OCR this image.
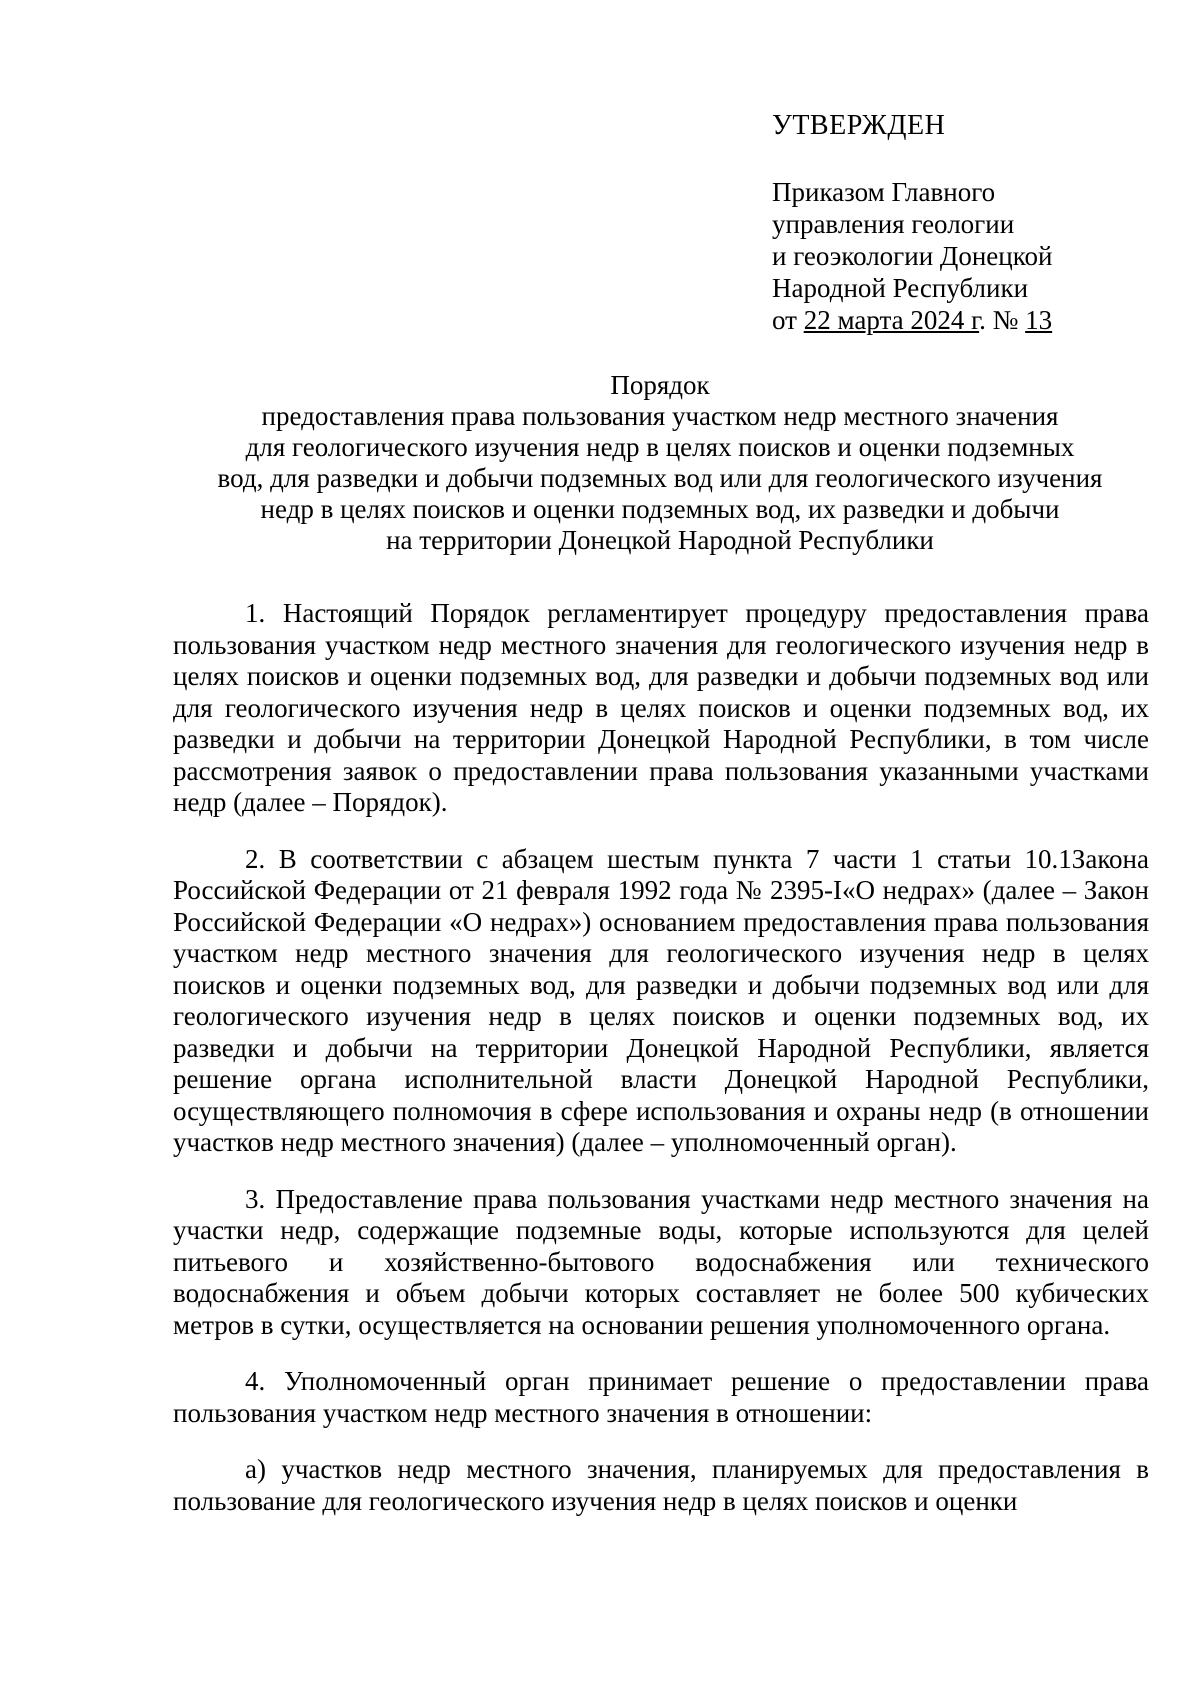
УТВЕРЖДЕН
Приказом Главного
управления геологии
и геоэкологии Донецкой
Народной Республики
от 22 марта 2024 г. № 13
Порядок
предоставления права пользования участком недр местного значения
для геологического изучения недр в целях поисков и оценки подземных
вод, для разведки и добычи подземных вод или для геологического изучения
недр в целях поисков и оценки подземных вод, их разведки и добычи
на территории Донецкой Народной Республики

1. Настоящий Порядок регламентирует процедуру предоставления права пользования участком недр местного значения для геологического изучения недр в целях поисков и оценки подземных вод, для разведки и добычи подземных вод или для геологического изучения недр в целях поисков и оценки подземных вод, их разведки и добычи на территории Донецкой Народной Республики, в том числе рассмотрения заявок о предоставлении права пользования указанными участками недр (далее – Порядок).

2. В соответствии с абзацем шестым пункта 7 части 1 статьи 10.1Закона Российской Федерации от 21 февраля 1992 года № 2395-I«О недрах» (далее – Закон Российской Федерации «О недрах») основанием предоставления права пользования участком недр местного значения для геологического изучения недр в целях поисков и оценки подземных вод, для разведки и добычи подземных вод или для геологического изучения недр в целях поисков и оценки подземных вод, их разведки и добычи на территории Донецкой Народной Республики, является решение органа исполнительной власти Донецкой Народной Республики, осуществляющего полномочия в сфере использования и охраны недр (в отношении участков недр местного значения) (далее – уполномоченный орган).

3. Предоставление права пользования участками недр местного значения на участки недр, содержащие подземные воды, которые используются для целей питьевого и хозяйственно-бытового водоснабжения или технического водоснабжения и объем добычи которых составляет не более 500 кубических метров в сутки, осуществляется на основании решения уполномоченного органа.

4. Уполномоченный орган принимает решение о предоставлении права пользования участком недр местного значения в отношении:

а) участков недр местного значения, планируемых для предоставления в пользование для геологического изучения недр в целях поисков и оценки
